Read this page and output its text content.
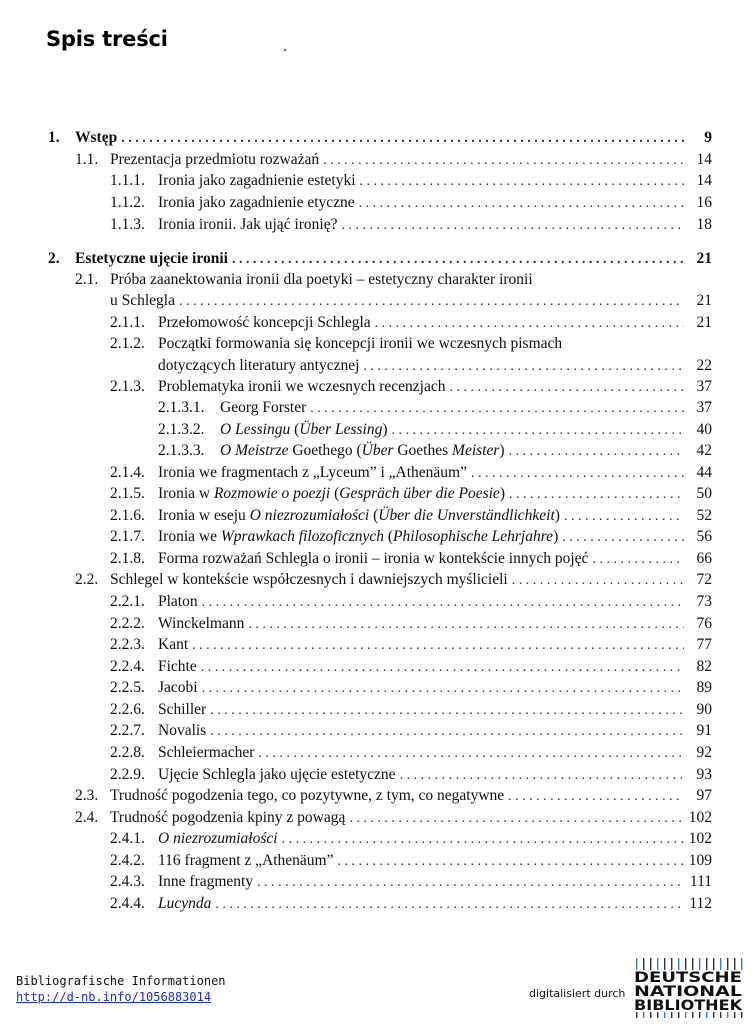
Spis treści
1. Wstęp . . .	9
1.1. Prezentacja przedmiotu rozważań . . .	14
1.1.1. Ironia jako zagadnienie estetyki . . .	14
1.1.2. Ironia jako zagadnienie etyczne . . .	16
1.1.3. Ironia ironii. Jak ująć ironię? . . .	18
2. Estetyczne ujęcie ironii . . .	21
2.1. Próba zaanektowania ironii dla poetyki – estetyczny charakter ironii
u Schlegla . . .	21
2.1.1. Przełomowość koncepcji Schlegla . . .	21
2.1.2. Początki formowania się koncepcji ironii we wczesnych pismach
dotyczących literatury antycznej . . .	22
2.1.3. Problematyka ironii we wczesnych recenzjach . . .	37
2.1.3.1.	Georg Forster . . .	37
2.1.3.2.	O Lessingu (Über Lessing) . . .	40
2.1.3.3.	O Meistrze Goethego (Über Goethes Meister) . . .	42
2.1.4. Ironia we fragmentach z „Lyceum” i „Athenäum” . . .	44
2.1.5. Ironia w Rozmowie o poezji (Gespräch über die Poesie) . . .	50
2.1.6. Ironia w eseju O niezrozumiałości (Über die Unverständlichkeit) . . .	52
2.1.7. Ironia we Wprawkach filozoficznych (Philosophische Lehrjahre) . . .	56
2.1.8. Forma rozważań Schlegla o ironii – ironia w kontekście innych pojęć . . .	66
2.2. Schlegel w kontekście współczesnych i dawniejszych myślicieli . . .	72
2.2.1. Platon . . .	73
2.2.2. Winckelmann . . .	76
2.2.3. Kant . . .	77
2.2.4. Fichte . . .	82
2.2.5. Jacobi . . .	89
2.2.6. Schiller . . .	90
2.2.7. Novalis . . .	91
2.2.8. Schleiermacher . . .	92
2.2.9. Ujęcie Schlegla jako ujęcie estetyczne . . .	93
2.3. Trudność pogodzenia tego, co pozytywne, z tym, co negatywne . . .	97
2.4. Trudność pogodzenia kpiny z powagą . . .	102
2.4.1. O niezrozumiałości . . .	102
2.4.2. 116 fragment z „Athenäum” . . .	109
2.4.3. Inne fragmenty . . .	111
2.4.4. Lucynda . . .	112
Bibliografische Informationen
http://d-nb.info/1056883014	digitalisiert durch
DEUTSCHE
NATIONAL
BIBLIOTHEK
